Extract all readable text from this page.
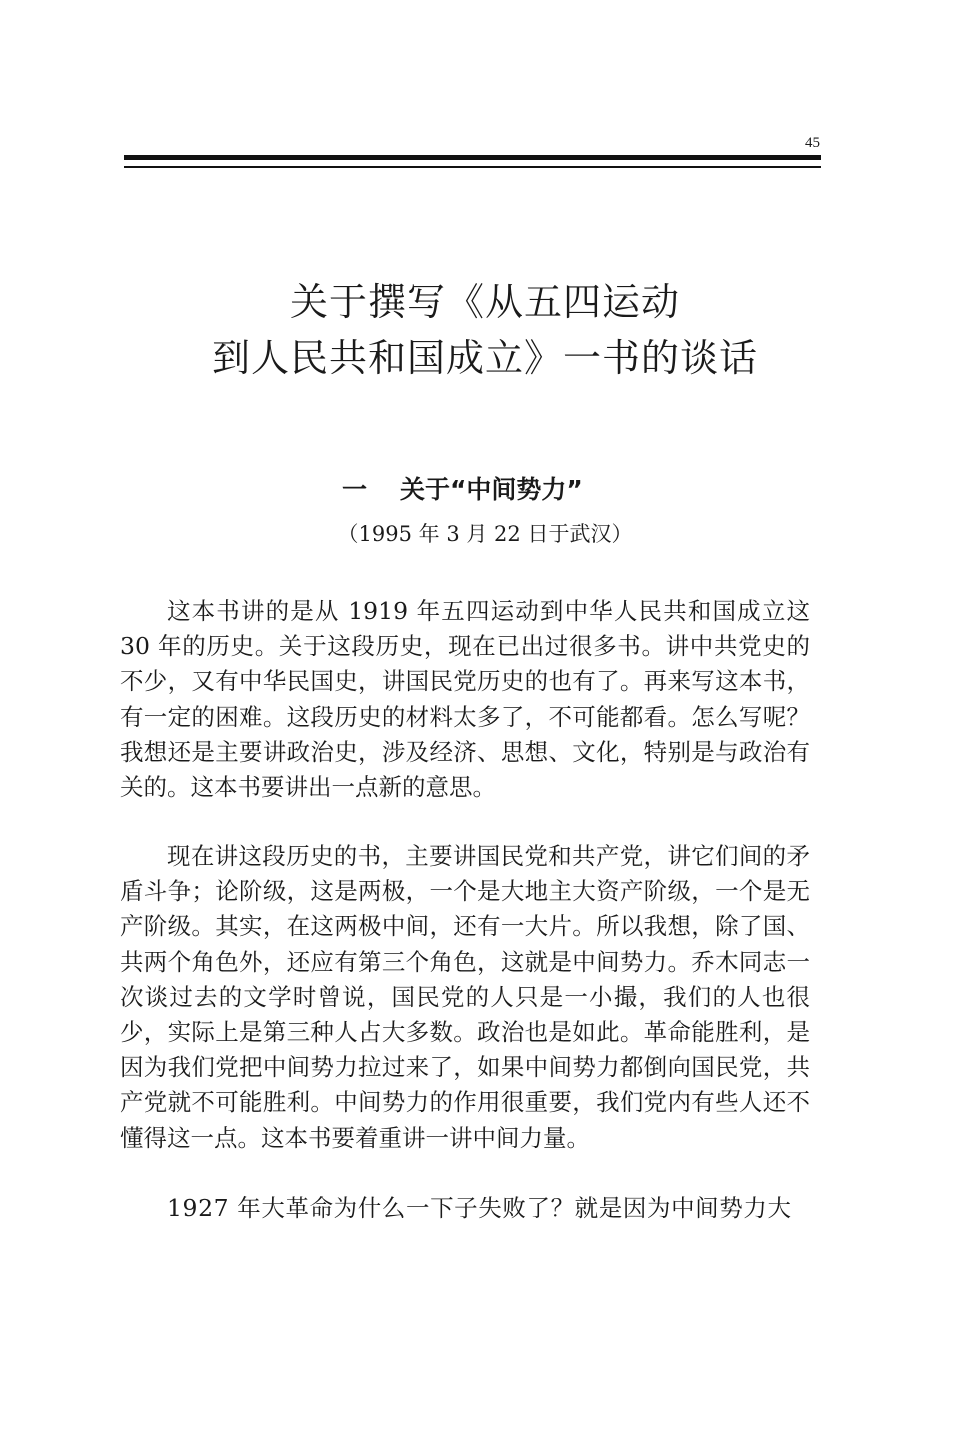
45
关于撰写《从五四运动
到人民共和国成立》一书的谈话
一 关于“中间势力”
（1995 年 3 月 22 日于武汉）

这本书讲的是从 1919 年五四运动到中华人民共和国成立这 30 年的历史。关于这段历史，现在已出过很多书。讲中共党史的不少，又有中华民国史，讲国民党历史的也有了。再来写这本书，有一定的困难。这段历史的材料太多了，不可能都看。怎么写呢？我想还是主要讲政治史，涉及经济、思想、文化，特别是与政治有关的。这本书要讲出一点新的意思。

现在讲这段历史的书，主要讲国民党和共产党，讲它们间的矛盾斗争；论阶级，这是两极，一个是大地主大资产阶级，一个是无产阶级。其实，在这两极中间，还有一大片。所以我想，除了国、共两个角色外，还应有第三个角色，这就是中间势力。乔木同志一次谈过去的文学时曾说，国民党的人只是一小撮，我们的人也很少，实际上是第三种人占大多数。政治也是如此。革命能胜利，是因为我们党把中间势力拉过来了，如果中间势力都倒向国民党，共产党就不可能胜利。中间势力的作用很重要，我们党内有些人还不懂得这一点。这本书要着重讲一讲中间力量。

1927 年大革命为什么一下子失败了？就是因为中间势力大
